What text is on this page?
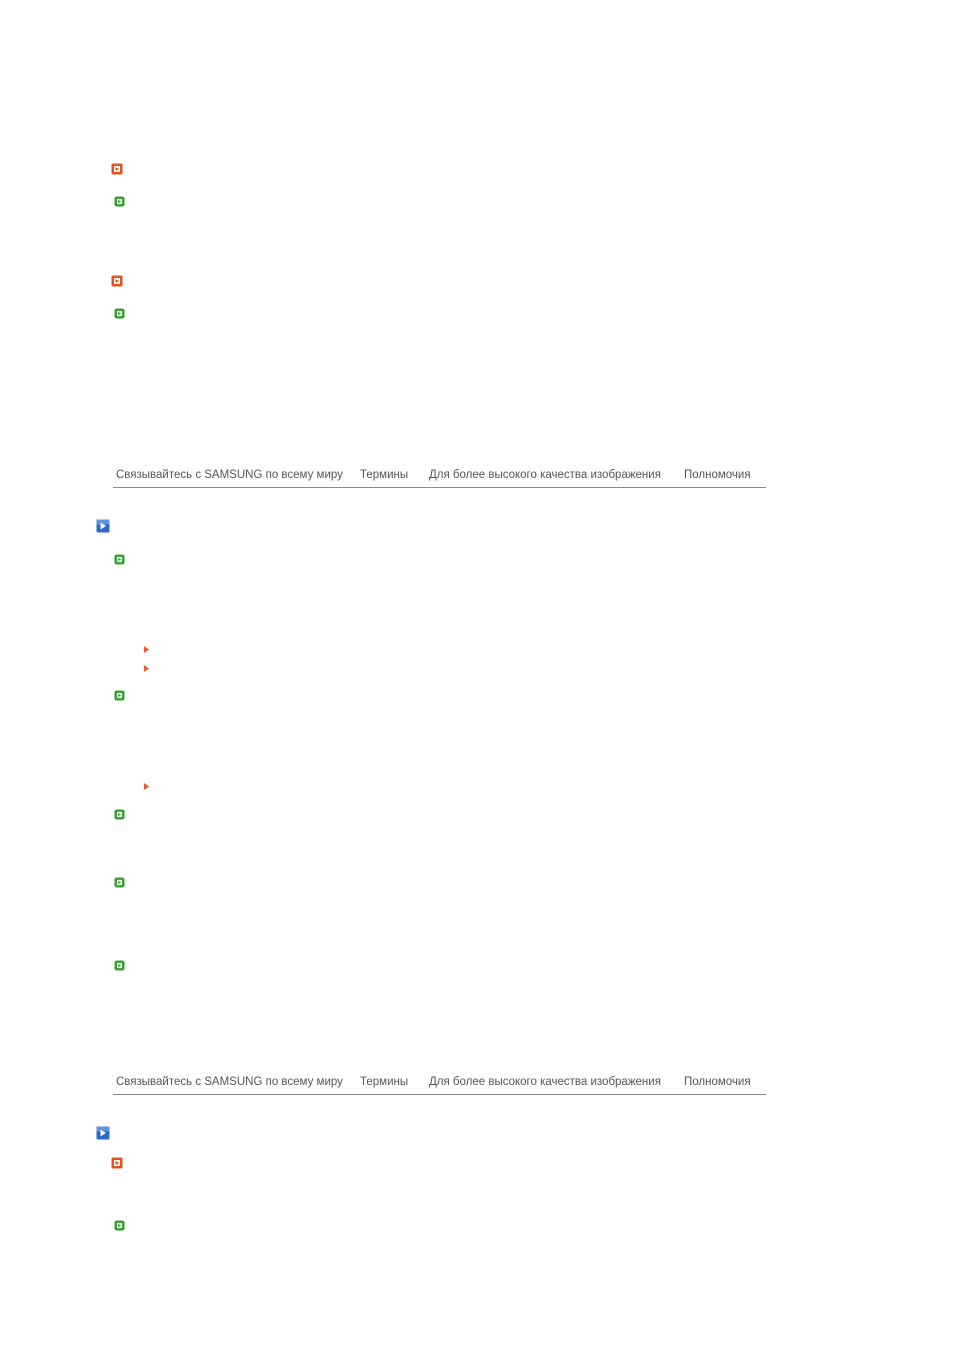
Связывайтесь с SAMSUNG по всему миру Термины Для более высокого качества изображения Полномочия
Связывайтесь с SAMSUNG по всему миру Термины Для более высокого качества изображения Полномочия
